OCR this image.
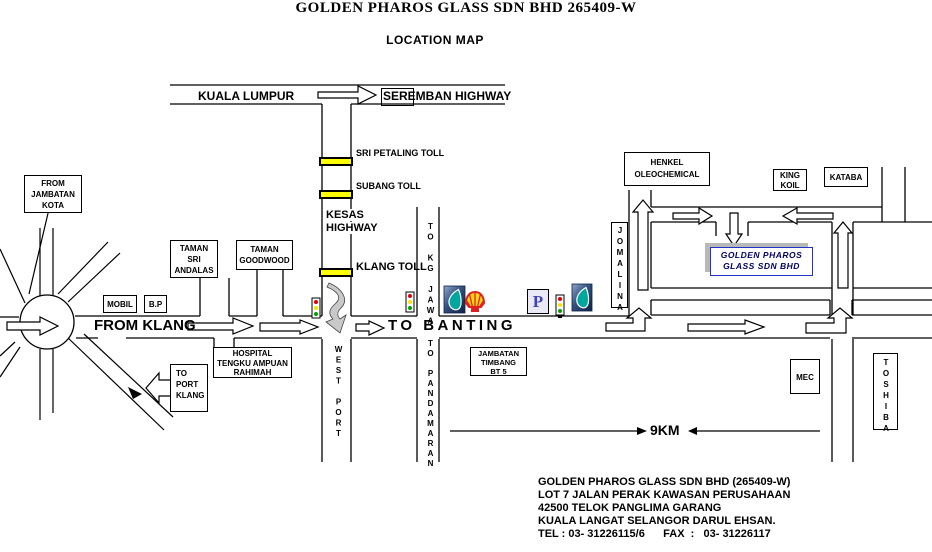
GOLDEN PHAROS GLASS SDN BHD 265409-W
LOCATION MAP
KUALA LUMPUR	SEREMBAN HIGHWAY
SRI PETALING TOLL
SUBANG TOLL
KESAS
HIGHWAY
KLANG TOLL
FROM KLANG	TO BANTING
9KM
TO KG JAWA
WEST PORT	TO PANDAMARAN
FROM
JAMBATAN
KOTA
TAMAN
SRI
ANDALAS
TAMAN
GOODWOOD
MOBIL	B.P
TO
PORT
KLANG
HOSPITAL
TENGKU AMPUAN
RAHIMAH
JAMBATAN
TIMBANG
BT 5
HENKEL
OLEOCHEMICAL	KING
KOIL
KATABA
JOMALINA
MEC	TOSHIBA
GOLDEN PHAROS
GLASS SDN BHD
P
GOLDEN PHAROS GLASS SDN BHD (265409-W)
LOT 7 JALAN PERAK KAWASAN PERUSAHAAN
42500 TELOK PANGLIMA GARANG
KUALA LANGAT SELANGOR DARUL EHSAN.
TEL : 03- 31226115/6      FAX  :   03- 31226117
